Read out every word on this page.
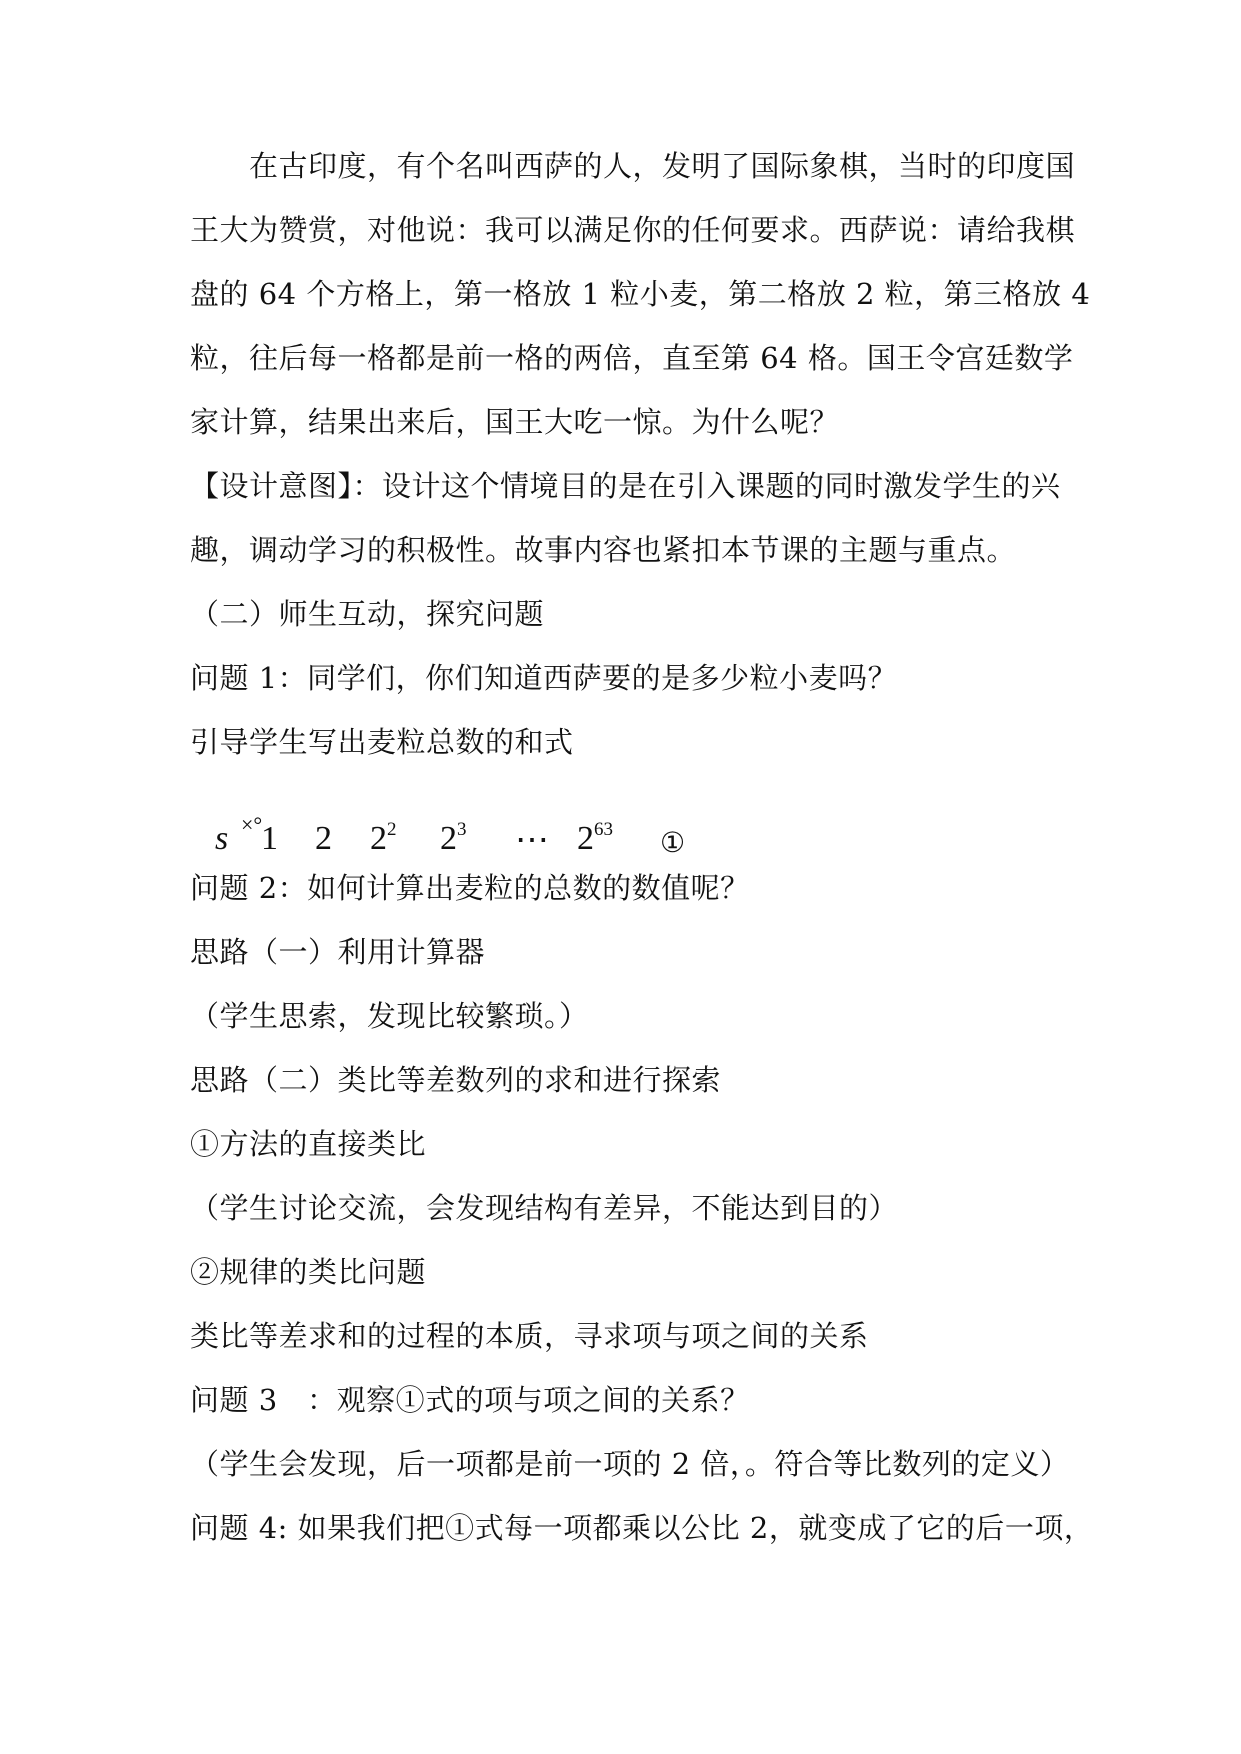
　　在古印度，有个名叫西萨的人，发明了国际象棋，当时的印度国
王大为赞赏，对他说：我可以满足你的任何要求。西萨说：请给我棋
盘的 64 个方格上，第一格放 1 粒小麦，第二格放 2 粒，第三格放 4
粒，往后每一格都是前一格的两倍，直至第 64 格。国王令宫廷数学
家计算，结果出来后，国王大吃一惊。为什么呢？
【设计意图】：设计这个情境目的是在引入课题的同时激发学生的兴
趣，调动学习的积极性。故事内容也紧扣本节课的主题与重点。
（二）师生互动，探究问题
问题 1：同学们，你们知道西萨要的是多少粒小麦吗？
引导学生写出麦粒总数的和式
s ×°
1 2 $2^2$ $2^3$ ⋯ $2^{63}$ ①
问题 2：如何计算出麦粒的总数的数值呢？
思路（一）利用计算器
（学生思索，发现比较繁琐。）
思路（二）类比等差数列的求和进行探索
①方法的直接类比
（学生讨论交流，会发现结构有差异，不能达到目的）
②规律的类比问题
类比等差求和的过程的本质，寻求项与项之间的关系
问题 3　：观察①式的项与项之间的关系？
（学生会发现，后一项都是前一项的 2 倍，。符合等比数列的定义）
问题 4: 如果我们把①式每一项都乘以公比 2，就变成了它的后一项，
